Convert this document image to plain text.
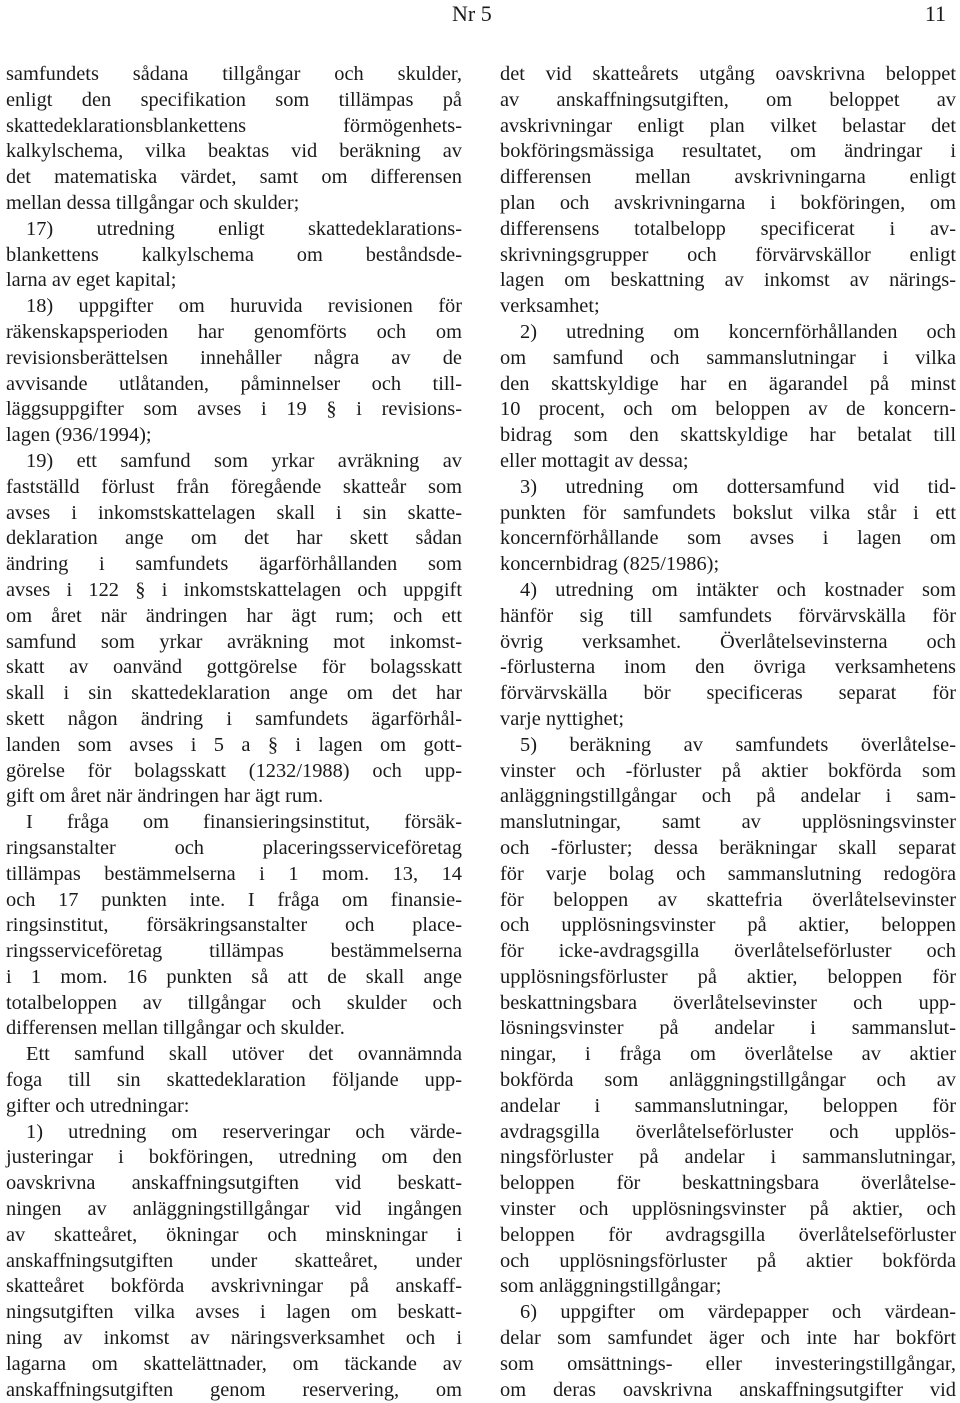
Nr 5	11
samfundets sådana tillgångar och skulder,
enligt den specifikation som tillämpas på
skattedeklarationsblankettens förmögenhets-
kalkylschema, vilka beaktas vid beräkning av
det matematiska värdet, samt om differensen
mellan dessa tillgångar och skulder;
17) utredning enligt skattedeklarations-
blankettens kalkylschema om beståndsde-
larna av eget kapital;
18) uppgifter om huruvida revisionen för
räkenskapsperioden har genomförts och om
revisionsberättelsen innehåller några av de
avvisande utlåtanden, påminnelser och till-
läggsuppgifter som avses i 19 § i revisions-
lagen (936/1994);
19) ett samfund som yrkar avräkning av
fastställd förlust från föregående skatteår som
avses i inkomstskattelagen skall i sin skatte-
deklaration ange om det har skett sådan
ändring i samfundets ägarförhållanden som
avses i 122 § i inkomstskattelagen och uppgift
om året när ändringen har ägt rum; och ett
samfund som yrkar avräkning mot inkomst-
skatt av oanvänd gottgörelse för bolagsskatt
skall i sin skattedeklaration ange om det har
skett någon ändring i samfundets ägarförhål-
landen som avses i 5 a § i lagen om gott-
görelse för bolagsskatt (1232/1988) och upp-
gift om året när ändringen har ägt rum.
I fråga om finansieringsinstitut, försäk-
ringsanstalter och placeringsserviceföretag
tillämpas bestämmelserna i 1 mom. 13, 14
och 17 punkten inte. I fråga om finansie-
ringsinstitut, försäkringsanstalter och place-
ringsserviceföretag tillämpas bestämmelserna
i 1 mom. 16 punkten så att de skall ange
totalbeloppen av tillgångar och skulder och
differensen mellan tillgångar och skulder.
Ett samfund skall utöver det ovannämnda
foga till sin skattedeklaration följande upp-
gifter och utredningar:
1) utredning om reserveringar och värde-
justeringar i bokföringen, utredning om den
oavskrivna anskaffningsutgiften vid beskatt-
ningen av anläggningstillgångar vid ingången
av skatteåret, ökningar och minskningar i
anskaffningsutgiften under skatteåret, under
skatteåret bokförda avskrivningar på anskaff-
ningsutgiften vilka avses i lagen om beskatt-
ning av inkomst av näringsverksamhet och i
lagarna om skattelättnader, om täckande av
anskaffningsutgiften genom reservering, om
det vid skatteårets utgång oavskrivna beloppet
av anskaffningsutgiften, om beloppet av
avskrivningar enligt plan vilket belastar det
bokföringsmässiga resultatet, om ändringar i
differensen mellan avskrivningarna enligt
plan och avskrivningarna i bokföringen, om
differensens totalbelopp specificerat i av-
skrivningsgrupper och förvärvskällor enligt
lagen om beskattning av inkomst av närings-
verksamhet;
2) utredning om koncernförhållanden och
om samfund och sammanslutningar i vilka
den skattskyldige har en ägarandel på minst
10 procent, och om beloppen av de koncern-
bidrag som den skattskyldige har betalat till
eller mottagit av dessa;
3) utredning om dottersamfund vid tid-
punkten för samfundets bokslut vilka står i ett
koncernförhållande som avses i lagen om
koncernbidrag (825/1986);
4) utredning om intäkter och kostnader som
hänför sig till samfundets förvärvskälla för
övrig verksamhet. Överlåtelsevinsterna och
-förlusterna inom den övriga verksamhetens
förvärvskälla bör specificeras separat för
varje nyttighet;
5) beräkning av samfundets överlåtelse-
vinster och -förluster på aktier bokförda som
anläggningstillgångar och på andelar i sam-
manslutningar, samt av upplösningsvinster
och -förluster; dessa beräkningar skall separat
för varje bolag och sammanslutning redogöra
för beloppen av skattefria överlåtelsevinster
och upplösningsvinster på aktier, beloppen
för icke-avdragsgilla överlåtelseförluster och
upplösningsförluster på aktier, beloppen för
beskattningsbara överlåtelsevinster och upp-
lösningsvinster på andelar i sammanslut-
ningar, i fråga om överlåtelse av aktier
bokförda som anläggningstillgångar och av
andelar i sammanslutningar, beloppen för
avdragsgilla överlåtelseförluster och upplös-
ningsförluster på andelar i sammanslutningar,
beloppen för beskattningsbara överlåtelse-
vinster och upplösningsvinster på aktier, och
beloppen för avdragsgilla överlåtelseförluster
och upplösningsförluster på aktier bokförda
som anläggningstillgångar;
6) uppgifter om värdepapper och värdean-
delar som samfundet äger och inte har bokfört
som omsättnings- eller investeringstillgångar,
om deras oavskrivna anskaffningsutgifter vid
